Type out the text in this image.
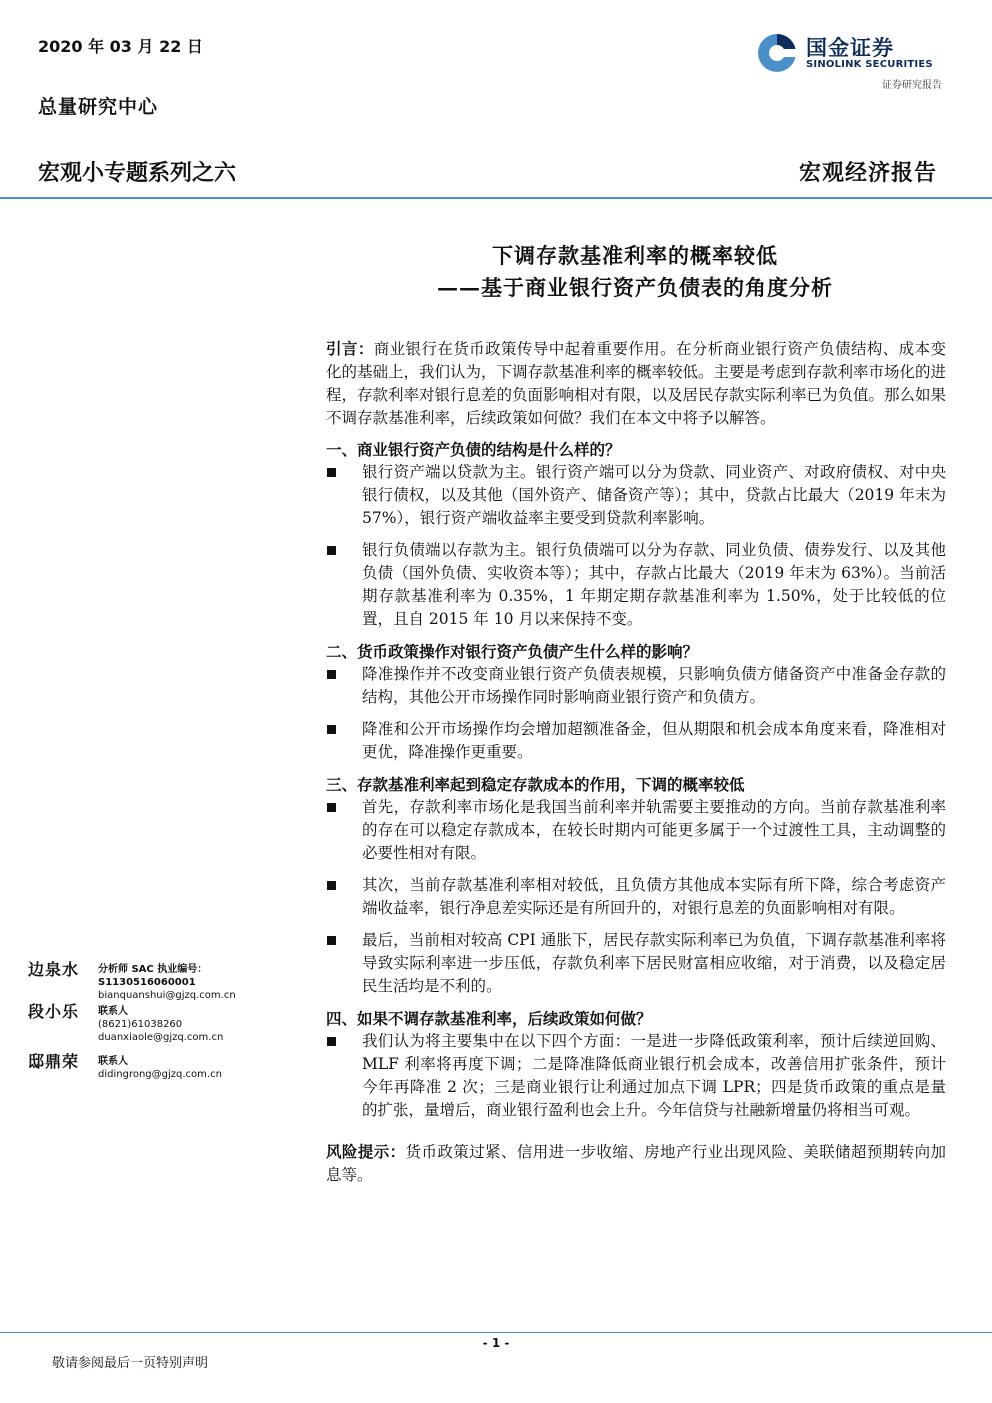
2020 年 03 月 22 日
总量研究中心
宏观小专题系列之六	宏观经济报告
国金证券
SINOLINK SECURITIES
证券研究报告
下调存款基准利率的概率较低
——基于商业银行资产负债表的角度分析

引言：商业银行在货币政策传导中起着重要作用。在分析商业银行资产负债结构、成本变化的基础上，我们认为，下调存款基准利率的概率较低。主要是考虑到存款利率市场化的进程，存款利率对银行息差的负面影响相对有限，以及居民存款实际利率已为负值。那么如果不调存款基准利率，后续政策如何做？我们在本文中将予以解答。

一、商业银行资产负债的结构是什么样的？

银行资产端以贷款为主。银行资产端可以分为贷款、同业资产、对政府债权、对中央银行债权，以及其他（国外资产、储备资产等）；其中，贷款占比最大（2019 年末为 57%），银行资产端收益率主要受到贷款利率影响。
银行负债端以存款为主。银行负债端可以分为存款、同业负债、债券发行、以及其他负债（国外负债、实收资本等）；其中，存款占比最大（2019 年末为 63%）。当前活期存款基准利率为 0.35%，1 年期定期存款基准利率为 1.50%，处于比较低的位置，且自 2015 年 10 月以来保持不变。

二、货币政策操作对银行资产负债产生什么样的影响？

降准操作并不改变商业银行资产负债表规模，只影响负债方储备资产中准备金存款的结构，其他公开市场操作同时影响商业银行资产和负债方。
降准和公开市场操作均会增加超额准备金，但从期限和机会成本角度来看，降准相对更优，降准操作更重要。

三、存款基准利率起到稳定存款成本的作用，下调的概率较低

首先，存款利率市场化是我国当前利率并轨需要主要推动的方向。当前存款基准利率的存在可以稳定存款成本，在较长时期内可能更多属于一个过渡性工具，主动调整的必要性相对有限。
其次，当前存款基准利率相对较低，且负债方其他成本实际有所下降，综合考虑资产端收益率，银行净息差实际还是有所回升的，对银行息差的负面影响相对有限。
最后，当前相对较高 CPI 通胀下，居民存款实际利率已为负值，下调存款基准利率将导致实际利率进一步压低，存款负利率下居民财富相应收缩，对于消费，以及稳定居民生活均是不利的。

四、如果不调存款基准利率，后续政策如何做？

我们认为将主要集中在以下四个方面：一是进一步降低政策利率，预计后续逆回购、MLF 利率将再度下调；二是降准降低商业银行机会成本，改善信用扩张条件，预计今年再降准 2 次；三是商业银行让利通过加点下调 LPR；四是货币政策的重点是量的扩张，量增后，商业银行盈利也会上升。今年信贷与社融新增量仍将相当可观。

风险提示：货币政策过紧、信用进一步收缩、房地产行业出现风险、美联储超预期转向加息等。

边泉水 分析师 SAC 执业编号：S1130516060001
bianquanshui@gjzq.com.cn
段小乐 联系人
(8621)61038260
duanxiaole@gjzq.com.cn
邸鼎荣 联系人
didingrong@gjzq.com.cn
- 1 -
敬请参阅最后一页特别声明
